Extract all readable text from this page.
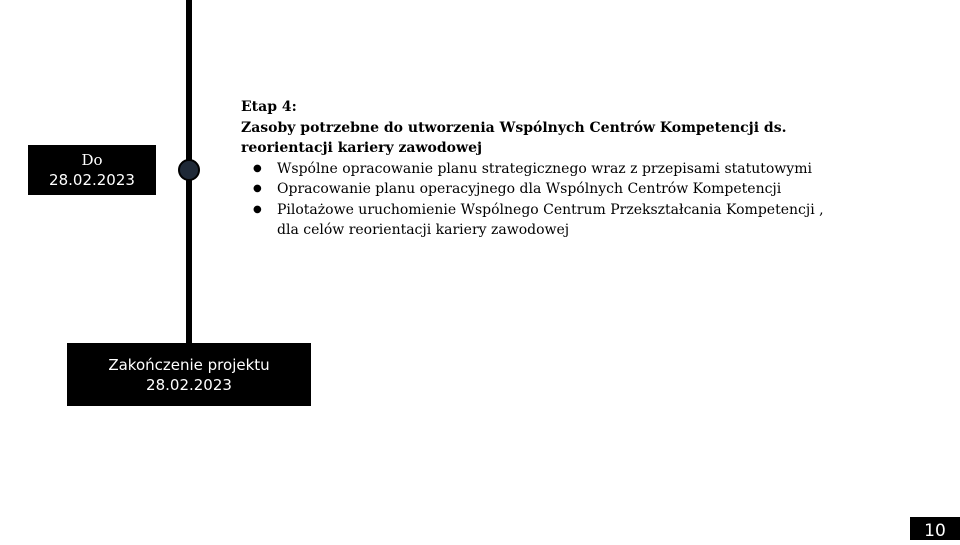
Do
28.02.2023
Etap 4:
Zasoby potrzebne do utworzenia Wspólnych Centrów Kompetencji ds. reorientacji kariery zawodowej
● Wspólne opracowanie planu strategicznego wraz z przepisami statutowymi
● Opracowanie planu operacyjnego dla Wspólnych Centrów Kompetencji
● Pilotażowe uruchomienie Wspólnego Centrum Przekształcania Kompetencji , dla celów reorientacji kariery zawodowej
Zakończenie projektu
28.02.2023
10
